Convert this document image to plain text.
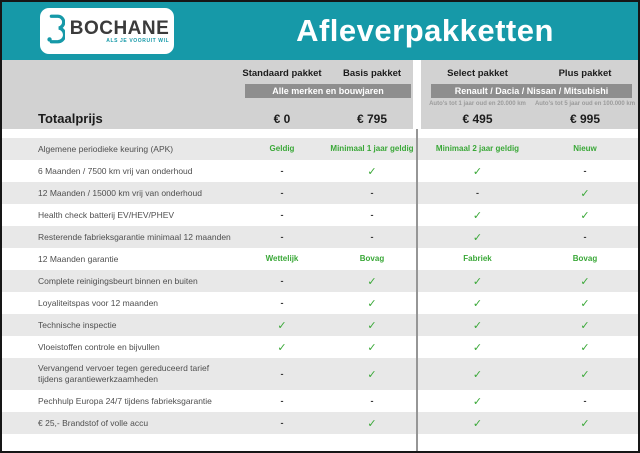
BOCHANE
ALS JE VOORUIT WIL	Afleverpakketten
Standaard pakket	Basis pakket	Select pakket	Plus pakket
Alle merken en bouwjaren	Renault / Dacia / Nissan / Mitsubishi
Auto's tot 1 jaar oud en 20.000 km	Auto's tot 5 jaar oud en 100.000 km
Totaalprijs	€ 0	€ 795	€ 495	€ 995
Algemene periodieke keuring (APK)	Geldig	Minimaal 1 jaar geldig	Minimaal 2 jaar geldig	Nieuw
6 Maanden / 7500 km vrij van onderhoud	-	✓	✓	-
12 Maanden / 15000 km vrij van onderhoud	-	-	-	✓
Health check batterij EV/HEV/PHEV	-	-	✓	✓
Resterende fabrieksgarantie minimaal 12 maanden	-	-	✓	-
12 Maanden garantie	Wettelijk	Bovag	Fabriek	Bovag
Complete reinigingsbeurt binnen en buiten	-	✓	✓	✓
Loyaliteitspas voor 12 maanden	-	✓	✓	✓
Technische inspectie	✓	✓	✓	✓
Vloeistoffen controle en bijvullen	✓	✓	✓	✓
Vervangend vervoer tegen gereduceerd tarief tijdens garantiewerkzaamheden
-	✓	✓	✓
Pechhulp Europa 24/7 tijdens fabrieksgarantie	-	-	✓	-
€ 25,- Brandstof of volle accu	-	✓	✓	✓
